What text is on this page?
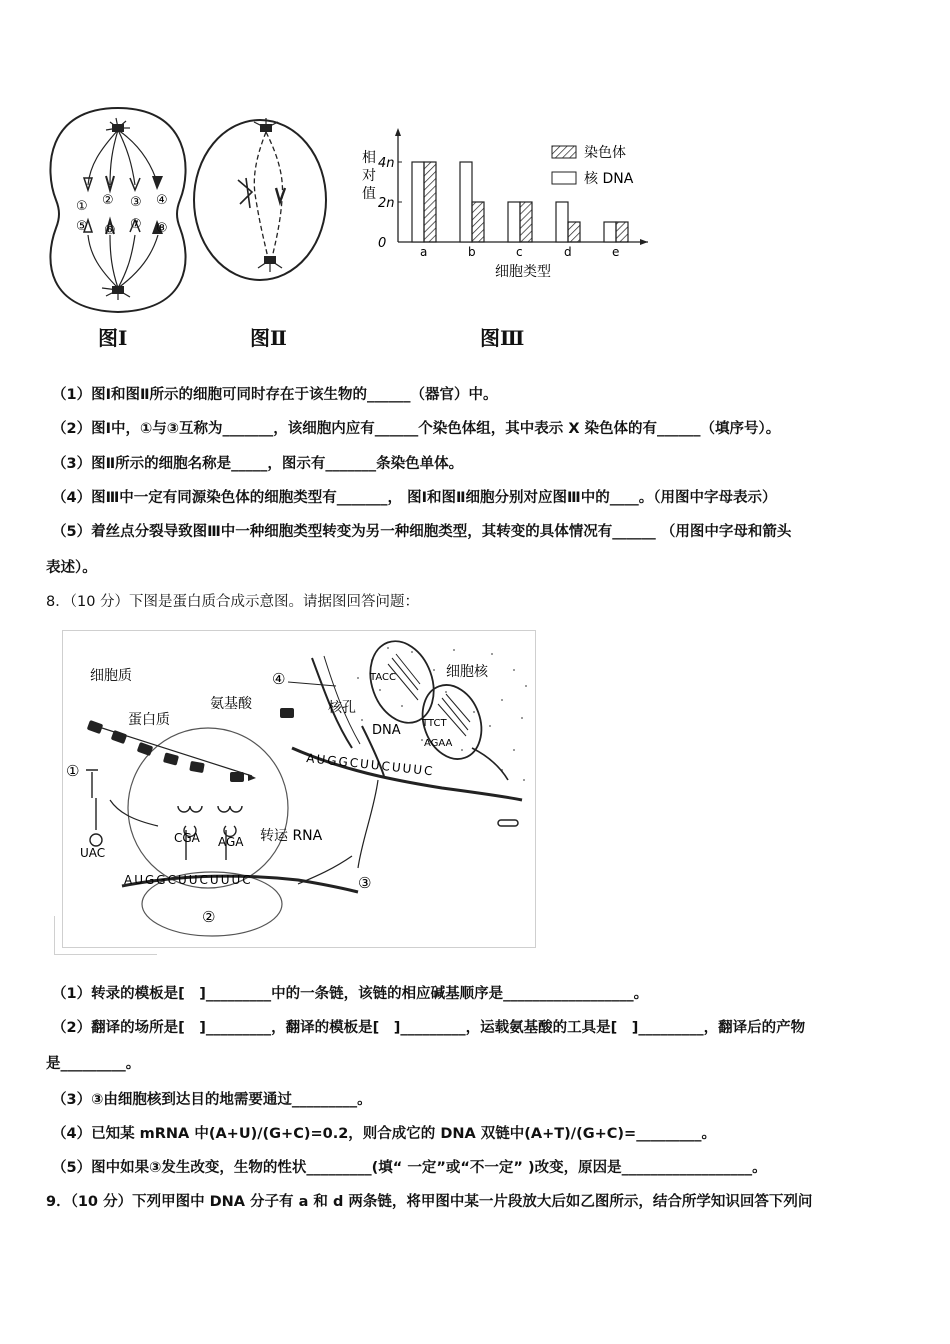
① ② ③ ④
⑤ ⑥ ⑦ ⑧
4n
2n
0
a	b	c	d	e
相
对
值
相对值
细胞类型
染色体
核 DNA
图Ⅰ	图Ⅱ	图Ⅲ
（1）图Ⅰ和图Ⅱ所示的细胞可同时存在于该生物的______（器官）中。
（2）图Ⅰ中，①与③互称为_______，该细胞内应有______个染色体组，其中表示 X 染色体的有______（填序号）。
（3）图Ⅱ所示的细胞名称是_____，图示有_______条染色单体。
（4）图Ⅲ中一定有同源染色体的细胞类型有_______， 图Ⅰ和图Ⅱ细胞分别对应图Ⅲ中的____。（用图中字母表示）
（5）着丝点分裂导致图Ⅲ中一种细胞类型转变为另一种细胞类型，其转变的具体情况有______ （用图中字母和箭头
表述）。
8．（10 分）下图是蛋白质合成示意图。请据图回答问题：
TACC
TTCT
AGAA
AUGGCUUCUUUC
AUGGCUUCUUUC
UAC
CGA AGA
细胞质	细胞核
蛋白质
氨基酸	核孔
DNA
转运 RNA
①
②
③
④
（1）转录的模板是[　]_________中的一条链，该链的相应碱基顺序是__________________。
（2）翻译的场所是[　]_________，翻译的模板是[　]_________，运载氨基酸的工具是[　]_________，翻译后的产物
是_________。
（3）③由细胞核到达目的地需要通过_________。
（4）已知某 mRNA 中(A+U)/(G+C)=0.2，则合成它的 DNA 双链中(A+T)/(G+C)=_________。
（5）图中如果③发生改变，生物的性状_________(填“ 一定”或“不一定” )改变，原因是__________________。
9．（10 分）下列甲图中 DNA 分子有 a 和 d 两条链，将甲图中某一片段放大后如乙图所示，结合所学知识回答下列问
